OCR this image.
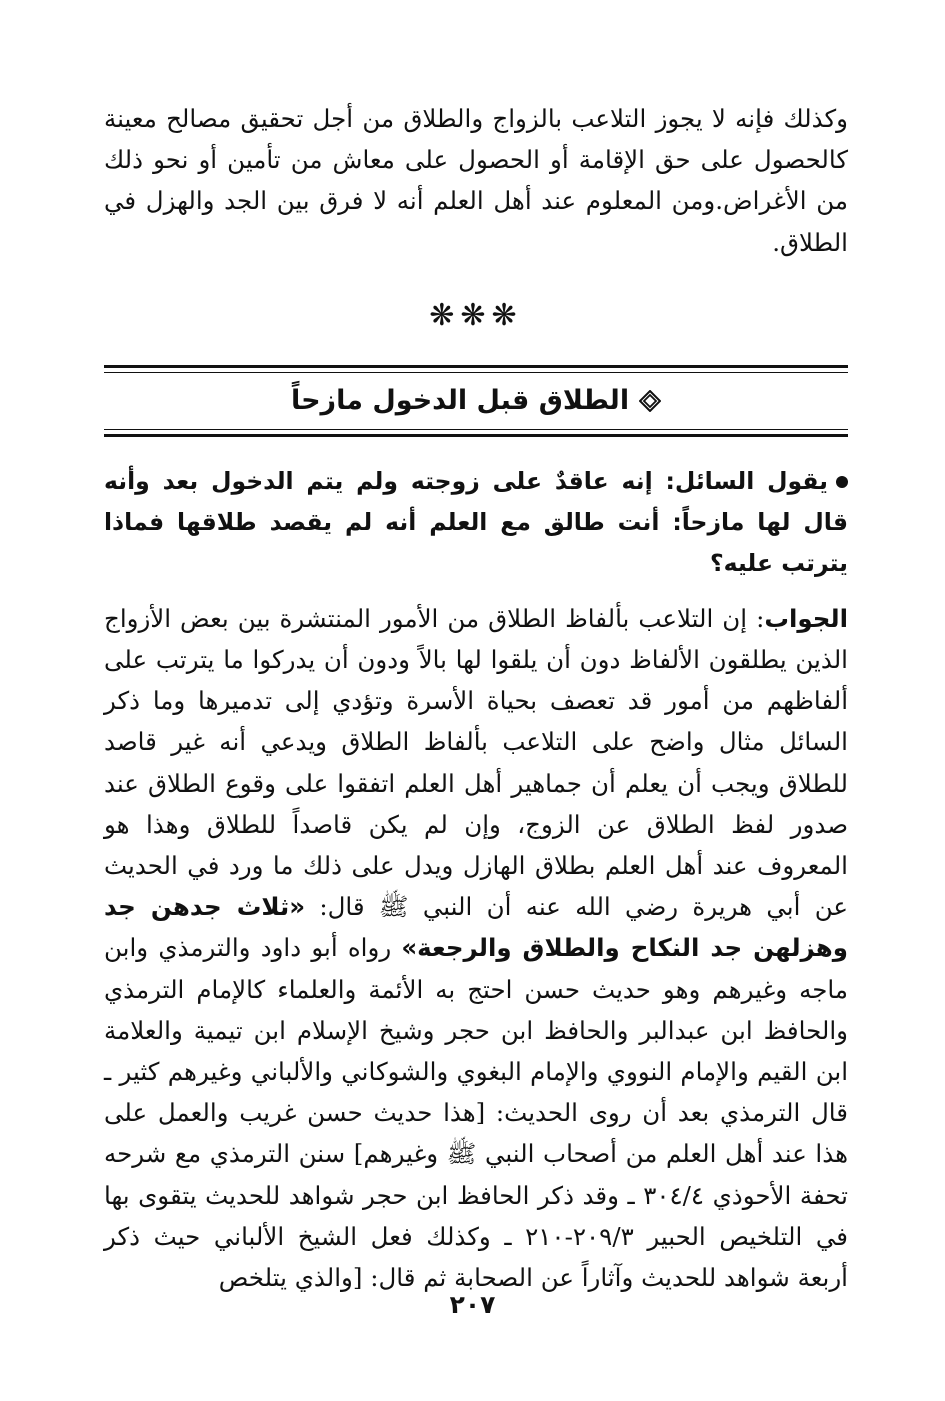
وكذلك فإنه لا يجوز التلاعب بالزواج والطلاق من أجل تحقيق مصالح معينة كالحصول على حق الإقامة أو الحصول على معاش من تأمين أو نحو ذلك من الأغراض.ومن المعلوم عند أهل العلم أنه لا فرق بين الجد والهزل في الطلاق.

❋❋❋
الطلاق قبل الدخول مازحاً
يقول السائل: إنه عاقدٌ على زوجته ولم يتم الدخول بعد وأنه قال لها مازحاً: أنت طالق مع العلم أنه لم يقصد طلاقها فماذا يترتب عليه؟

الجواب: إن التلاعب بألفاظ الطلاق من الأمور المنتشرة بين بعض الأزواج الذين يطلقون الألفاظ دون أن يلقوا لها بالاً ودون أن يدركوا ما يترتب على ألفاظهم من أمور قد تعصف بحياة الأسرة وتؤدي إلى تدميرها وما ذكر السائل مثال واضح على التلاعب بألفاظ الطلاق ويدعي أنه غير قاصد للطلاق ويجب أن يعلم أن جماهير أهل العلم اتفقوا على وقوع الطلاق عند صدور لفظ الطلاق عن الزوج، وإن لم يكن قاصداً للطلاق وهذا هو المعروف عند أهل العلم بطلاق الهازل ويدل على ذلك ما ورد في الحديث عن أبي هريرة رضي الله عنه أن النبي ﷺ قال: «ثلاث جدهن جد وهزلهن جد النكاح والطلاق والرجعة» رواه أبو داود والترمذي وابن ماجه وغيرهم وهو حديث حسن احتج به الأئمة والعلماء كالإمام الترمذي والحافظ ابن عبدالبر والحافظ ابن حجر وشيخ الإسلام ابن تيمية والعلامة ابن القيم والإمام النووي والإمام البغوي والشوكاني والألباني وغيرهم كثير ـ قال الترمذي بعد أن روى الحديث: [هذا حديث حسن غريب والعمل على هذا عند أهل العلم من أصحاب النبي ﷺ وغيرهم] سنن الترمذي مع شرحه تحفة الأحوذي ٣٠٤/٤ ـ وقد ذكر الحافظ ابن حجر شواهد للحديث يتقوى بها في التلخيص الحبير ٢٠٩/٣-٢١٠ ـ وكذلك فعل الشيخ الألباني حيث ذكر أربعة شواهد للحديث وآثاراً عن الصحابة ثم قال: [والذي يتلخص

٢٠٧
